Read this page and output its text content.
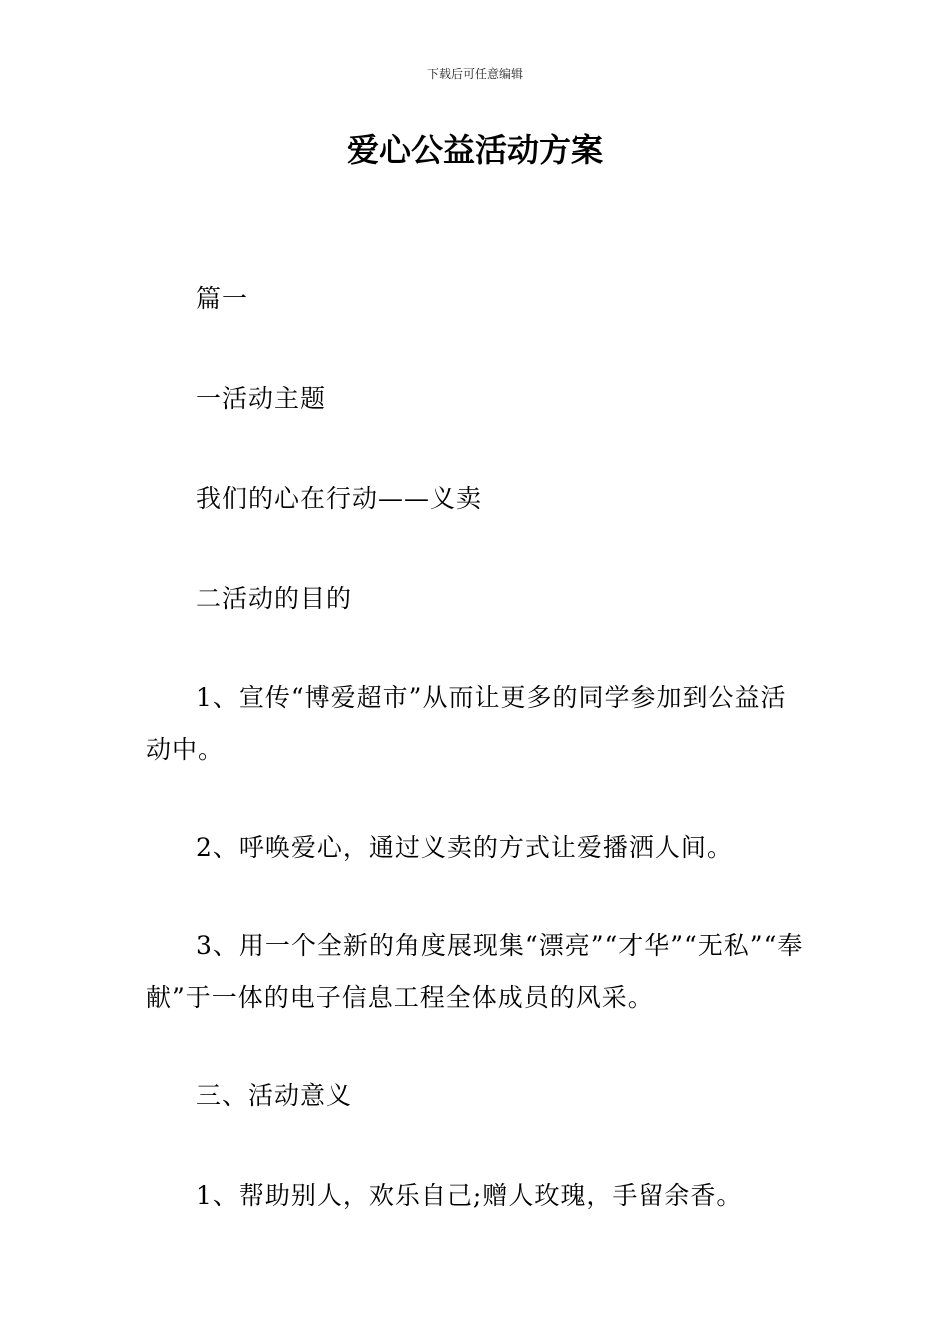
下载后可任意编辑
爱心公益活动方案

篇一

一活动主题

我们的心在行动——义卖

二活动的目的

1、宣传“博爱超市”从而让更多的同学参加到公益活动中。

2、呼唤爱心，通过义卖的方式让爱播洒人间。

3、用一个全新的角度展现集“漂亮”“才华”“无私”“奉献”于一体的电子信息工程全体成员的风采。

三、活动意义

1、帮助别人，欢乐自己;赠人玫瑰，手留余香。
